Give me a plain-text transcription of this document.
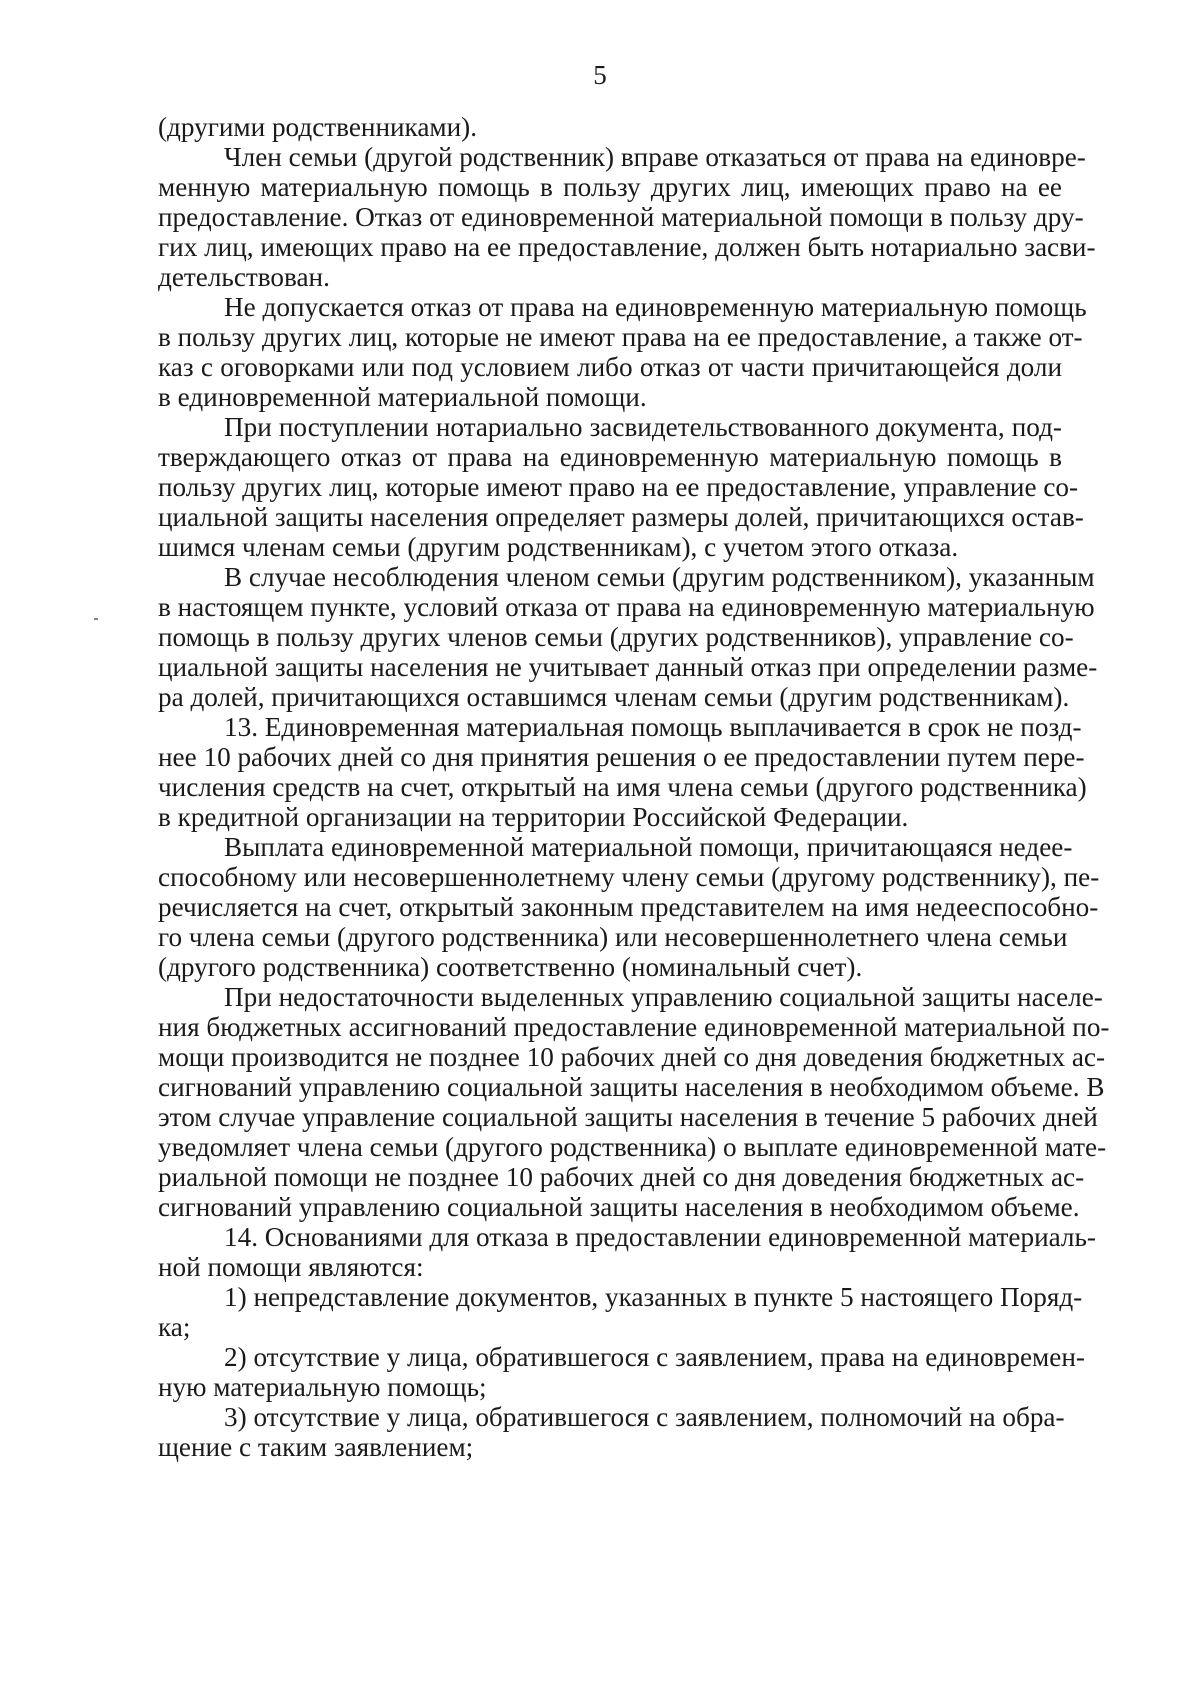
5
(другими родственниками).
Член семьи (другой родственник) вправе отказаться от права на единовре-
менную материальную помощь в пользу других лиц, имеющих право на ее
предоставление. Отказ от единовременной материальной помощи в пользу дру-
гих лиц, имеющих право на ее предоставление, должен быть нотариально засви-
детельствован.
Не допускается отказ от права на единовременную материальную помощь
в пользу других лиц, которые не имеют права на ее предоставление, а также от-
каз с оговорками или под условием либо отказ от части причитающейся доли
в единовременной материальной помощи.
При поступлении нотариально засвидетельствованного документа, под-
тверждающего отказ от права на единовременную материальную помощь в
пользу других лиц, которые имеют право на ее предоставление, управление со-
циальной защиты населения определяет размеры долей, причитающихся остав-
шимся членам семьи (другим родственникам), с учетом этого отказа.
В случае несоблюдения членом семьи (другим родственником), указанным
в настоящем пункте, условий отказа от права на единовременную материальную
помощь в пользу других членов семьи (других родственников), управление со-
циальной защиты населения не учитывает данный отказ при определении разме-
ра долей, причитающихся оставшимся членам семьи (другим родственникам).
13. Единовременная материальная помощь выплачивается в срок не позд-
нее 10 рабочих дней со дня принятия решения о ее предоставлении путем пере-
числения средств на счет, открытый на имя члена семьи (другого родственника)
в кредитной организации на территории Российской Федерации.
Выплата единовременной материальной помощи, причитающаяся недее-
способному или несовершеннолетнему члену семьи (другому родственнику), пе-
речисляется на счет, открытый законным представителем на имя недееспособно-
го члена семьи (другого родственника) или несовершеннолетнего члена семьи
(другого родственника) соответственно (номинальный счет).
При недостаточности выделенных управлению социальной защиты населе-
ния бюджетных ассигнований предоставление единовременной материальной по-
мощи производится не позднее 10 рабочих дней со дня доведения бюджетных ас-
сигнований управлению социальной защиты населения в необходимом объеме. В
этом случае управление социальной защиты населения в течение 5 рабочих дней
уведомляет члена семьи (другого родственника) о выплате единовременной мате-
риальной помощи не позднее 10 рабочих дней со дня доведения бюджетных ас-
сигнований управлению социальной защиты населения в необходимом объеме.
14. Основаниями для отказа в предоставлении единовременной материаль-
ной помощи являются:
1) непредставление документов, указанных в пункте 5 настоящего Поряд-
ка;
2) отсутствие у лица, обратившегося с заявлением, права на единовремен-
ную материальную помощь;
3) отсутствие у лица, обратившегося с заявлением, полномочий на обра-
щение с таким заявлением;
